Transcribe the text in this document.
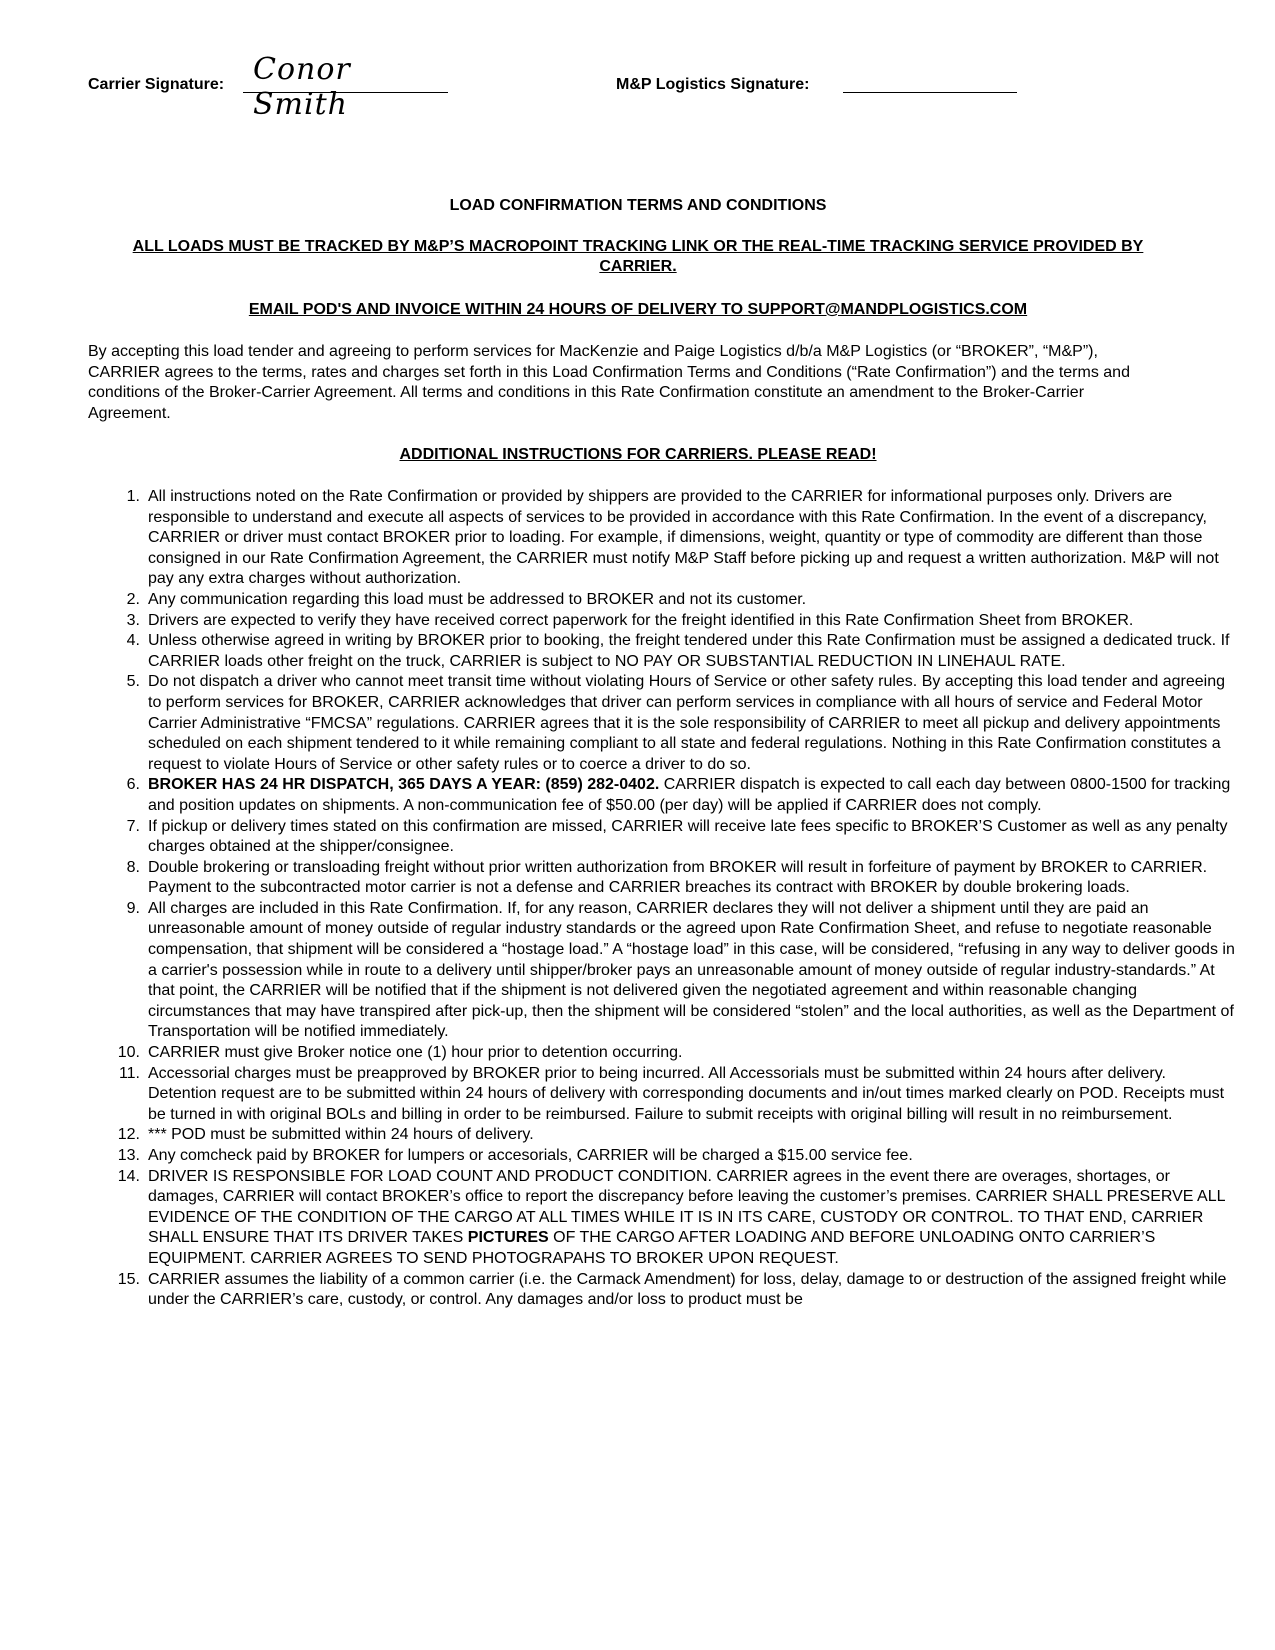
Carrier Signature: Conor Smith
M&P Logistics Signature:
LOAD CONFIRMATION TERMS AND CONDITIONS
ALL LOADS MUST BE TRACKED BY M&P’S MACROPOINT TRACKING LINK OR THE REAL-TIME TRACKING SERVICE PROVIDED BY CARRIER.
EMAIL POD'S AND INVOICE WITHIN 24 HOURS OF DELIVERY TO SUPPORT@MANDPLOGISTICS.COM
By accepting this load tender and agreeing to perform services for MacKenzie and Paige Logistics d/b/a M&P Logistics (or “BROKER”, “M&P”), CARRIER agrees to the terms, rates and charges set forth in this Load Confirmation Terms and Conditions (“Rate Confirmation”) and the terms and conditions of the Broker-Carrier Agreement. All terms and conditions in this Rate Confirmation constitute an amendment to the Broker-Carrier Agreement.
ADDITIONAL INSTRUCTIONS FOR CARRIERS. PLEASE READ!
1. All instructions noted on the Rate Confirmation or provided by shippers are provided to the CARRIER for informational purposes only. Drivers are responsible to understand and execute all aspects of services to be provided in accordance with this Rate Confirmation. In the event of a discrepancy, CARRIER or driver must contact BROKER prior to loading. For example, if dimensions, weight, quantity or type of commodity are different than those consigned in our Rate Confirmation Agreement, the CARRIER must notify M&P Staff before picking up and request a written authorization. M&P will not pay any extra charges without authorization.
2. Any communication regarding this load must be addressed to BROKER and not its customer.
3. Drivers are expected to verify they have received correct paperwork for the freight identified in this Rate Confirmation Sheet from BROKER.
4. Unless otherwise agreed in writing by BROKER prior to booking, the freight tendered under this Rate Confirmation must be assigned a dedicated truck. If CARRIER loads other freight on the truck, CARRIER is subject to NO PAY OR SUBSTANTIAL REDUCTION IN LINEHAUL RATE.
5. Do not dispatch a driver who cannot meet transit time without violating Hours of Service or other safety rules. By accepting this load tender and agreeing to perform services for BROKER, CARRIER acknowledges that driver can perform services in compliance with all hours of service and Federal Motor Carrier Administrative “FMCSA” regulations. CARRIER agrees that it is the sole responsibility of CARRIER to meet all pickup and delivery appointments scheduled on each shipment tendered to it while remaining compliant to all state and federal regulations. Nothing in this Rate Confirmation constitutes a request to violate Hours of Service or other safety rules or to coerce a driver to do so.
6. BROKER HAS 24 HR DISPATCH, 365 DAYS A YEAR: (859) 282-0402. CARRIER dispatch is expected to call each day between 0800-1500 for tracking and position updates on shipments. A non-communication fee of $50.00 (per day) will be applied if CARRIER does not comply.
7. If pickup or delivery times stated on this confirmation are missed, CARRIER will receive late fees specific to BROKER’S Customer as well as any penalty charges obtained at the shipper/consignee.
8. Double brokering or transloading freight without prior written authorization from BROKER will result in forfeiture of payment by BROKER to CARRIER. Payment to the subcontracted motor carrier is not a defense and CARRIER breaches its contract with BROKER by double brokering loads.
9. All charges are included in this Rate Confirmation. If, for any reason, CARRIER declares they will not deliver a shipment until they are paid an unreasonable amount of money outside of regular industry standards or the agreed upon Rate Confirmation Sheet, and refuse to negotiate reasonable compensation, that shipment will be considered a “hostage load.” A “hostage load” in this case, will be considered, “refusing in any way to deliver goods in a carrier's possession while in route to a delivery until shipper/broker pays an unreasonable amount of money outside of regular industry-standards.” At that point, the CARRIER will be notified that if the shipment is not delivered given the negotiated agreement and within reasonable changing circumstances that may have transpired after pick-up, then the shipment will be considered “stolen” and the local authorities, as well as the Department of Transportation will be notified immediately.
10. CARRIER must give Broker notice one (1) hour prior to detention occurring.
11. Accessorial charges must be preapproved by BROKER prior to being incurred. All Accessorials must be submitted within 24 hours after delivery. Detention request are to be submitted within 24 hours of delivery with corresponding documents and in/out times marked clearly on POD. Receipts must be turned in with original BOLs and billing in order to be reimbursed. Failure to submit receipts with original billing will result in no reimbursement.
12. *** POD must be submitted within 24 hours of delivery.
13. Any comcheck paid by BROKER for lumpers or accesorials, CARRIER will be charged a $15.00 service fee.
14. DRIVER IS RESPONSIBLE FOR LOAD COUNT AND PRODUCT CONDITION. CARRIER agrees in the event there are overages, shortages, or damages, CARRIER will contact BROKER’s office to report the discrepancy before leaving the customer’s premises. CARRIER SHALL PRESERVE ALL EVIDENCE OF THE CONDITION OF THE CARGO AT ALL TIMES WHILE IT IS IN ITS CARE, CUSTODY OR CONTROL. TO THAT END, CARRIER SHALL ENSURE THAT ITS DRIVER TAKES PICTURES OF THE CARGO AFTER LOADING AND BEFORE UNLOADING ONTO CARRIER’S EQUIPMENT. CARRIER AGREES TO SEND PHOTOGRAPAHS TO BROKER UPON REQUEST.
15. CARRIER assumes the liability of a common carrier (i.e. the Carmack Amendment) for loss, delay, damage to or destruction of the assigned freight while under the CARRIER’s care, custody, or control. Any damages and/or loss to product must be
